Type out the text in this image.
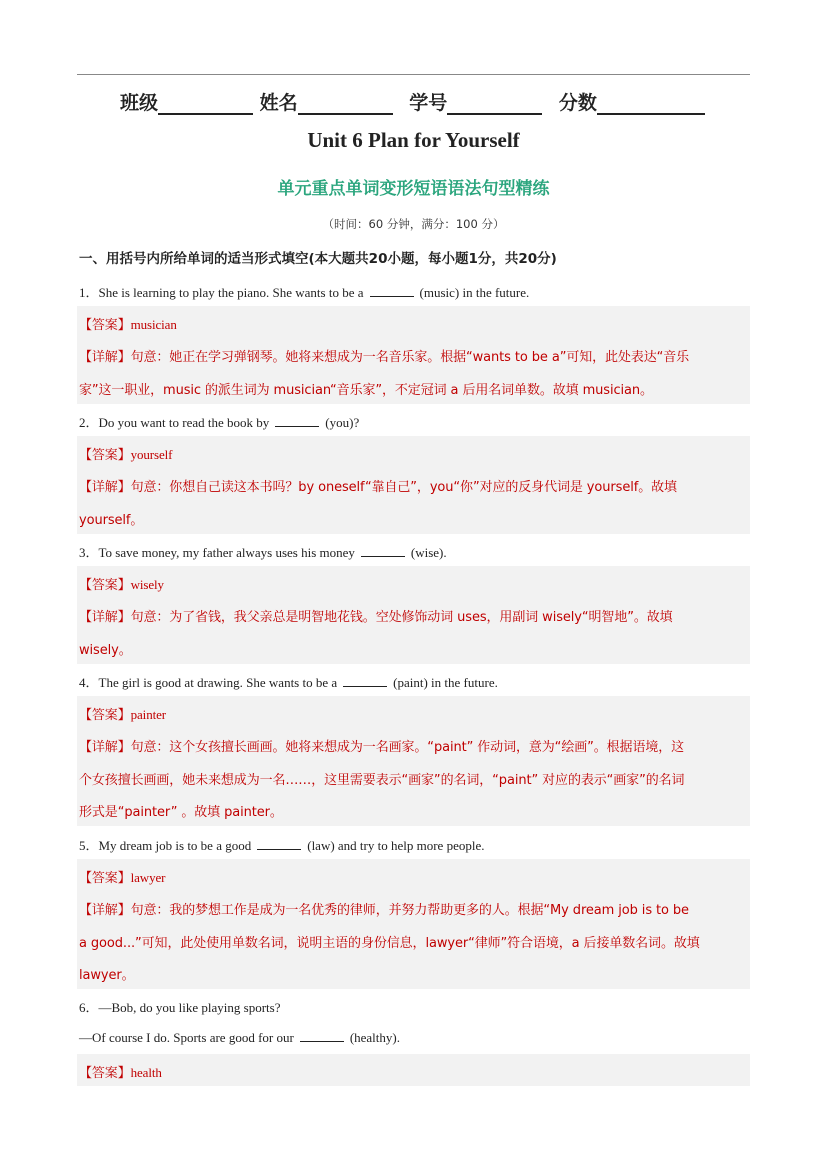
班级	姓名	学号	分数
Unit 6 Plan for Yourself
单元重点单词变形短语语法句型精练
（时间：60 分钟，满分：100 分）
一、用括号内所给单词的适当形式填空(本大题共20小题，每小题1分，共20分)
1．She is learning to play the piano. She wants to be a	(music) in the future.
【答案】musician
【详解】句意：她正在学习弹钢琴。她将来想成为一名音乐家。根据“wants to be a”可知，此处表达“音乐
家”这一职业，music 的派生词为 musician“音乐家”，不定冠词 a 后用名词单数。故填 musician。
2．Do you want to read the book by	(you)?
【答案】yourself
【详解】句意：你想自己读这本书吗？by oneself“靠自己”，you“你”对应的反身代词是 yourself。故填
yourself。
3．To save money, my father always uses his money	(wise).
【答案】wisely
【详解】句意：为了省钱，我父亲总是明智地花钱。空处修饰动词 uses，用副词 wisely“明智地”。故填
wisely。
4．The girl is good at drawing. She wants to be a	(paint) in the future.
【答案】painter
【详解】句意：这个女孩擅长画画。她将来想成为一名画家。“paint” 作动词，意为“绘画”。根据语境，这
个女孩擅长画画，她未来想成为一名……，这里需要表示“画家”的名词，“paint” 对应的表示“画家”的名词
形式是“painter” 。故填 painter。
5．My dream job is to be a good	(law) and try to help more people.
【答案】lawyer
【详解】句意：我的梦想工作是成为一名优秀的律师，并努力帮助更多的人。根据“My dream job is to be
a good...”可知，此处使用单数名词，说明主语的身份信息，lawyer“律师”符合语境，a 后接单数名词。故填
lawyer。
6．—Bob, do you like playing sports?
—Of course I do. Sports are good for our	(healthy).
【答案】health
